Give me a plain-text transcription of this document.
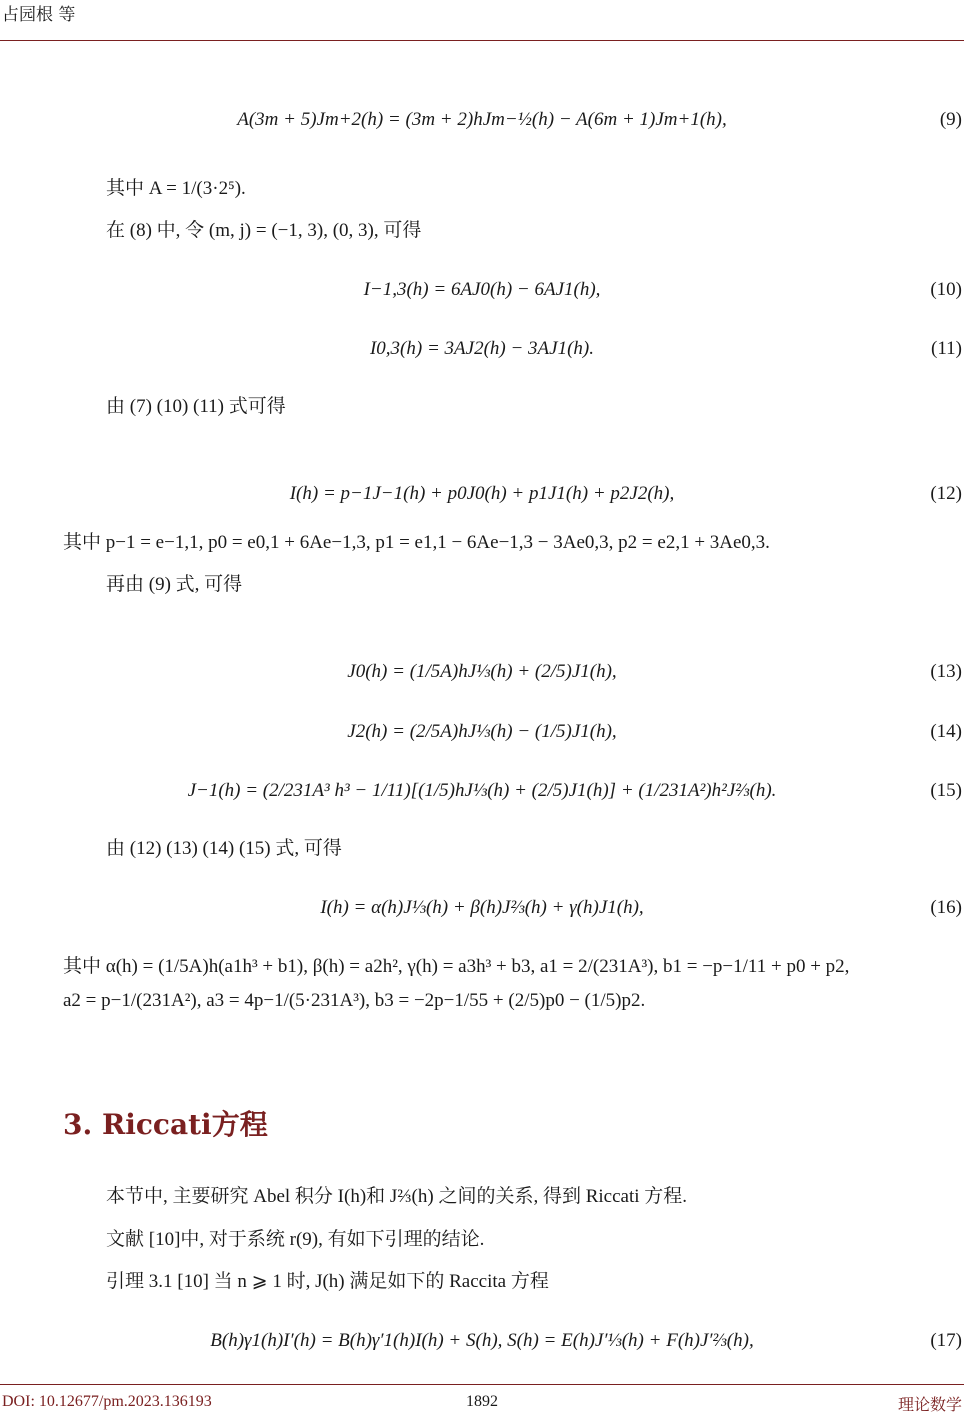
占园根 等
A(3m + 5)Jm+2(h) = (3m + 2)hJm−½(h) − A(6m + 1)Jm+1(h),	(9)
其中 A = 1/(3·2⁵).
在 (8) 中, 令 (m, j) = (−1, 3), (0, 3), 可得
I−1,3(h) = 6AJ0(h) − 6AJ1(h),	(10)
I0,3(h) = 3AJ2(h) − 3AJ1(h).	(11)
由 (7) (10) (11) 式可得
I(h) = p−1J−1(h) + p0J0(h) + p1J1(h) + p2J2(h),	(12)
其中 p−1 = e−1,1, p0 = e0,1 + 6Ae−1,3, p1 = e1,1 − 6Ae−1,3 − 3Ae0,3, p2 = e2,1 + 3Ae0,3.
再由 (9) 式, 可得
J0(h) = (1/5A)hJ⅓(h) + (2/5)J1(h),	(13)
J2(h) = (2/5A)hJ⅓(h) − (1/5)J1(h),	(14)
J−1(h) = (2/231A³ h³ − 1/11)[(1/5)hJ⅓(h) + (2/5)J1(h)] + (1/231A²)h²J⅔(h).	(15)
由 (12) (13) (14) (15) 式, 可得
I(h) = α(h)J⅓(h) + β(h)J⅔(h) + γ(h)J1(h),	(16)
其中 α(h) = (1/5A)h(a1h³ + b1), β(h) = a2h², γ(h) = a3h³ + b3, a1 = 2/(231A³), b1 = −p−1/11 + p0 + p2,
a2 = p−1/(231A²), a3 = 4p−1/(5·231A³), b3 = −2p−1/55 + (2/5)p0 − (1/5)p2.
3. Riccati方程
本节中, 主要研究 Abel 积分 I(h)和 J⅔(h) 之间的关系, 得到 Riccati 方程.
文献 [10]中, 对于系统 r(9), 有如下引理的结论.
引理 3.1 [10] 当 n ⩾ 1 时, J(h) 满足如下的 Raccita 方程
B(h)γ1(h)I′(h) = B(h)γ′1(h)I(h) + S(h), S(h) = E(h)J′⅓(h) + F(h)J′⅔(h),	(17)
DOI: 10.12677/pm.2023.136193	1892	理论数学
